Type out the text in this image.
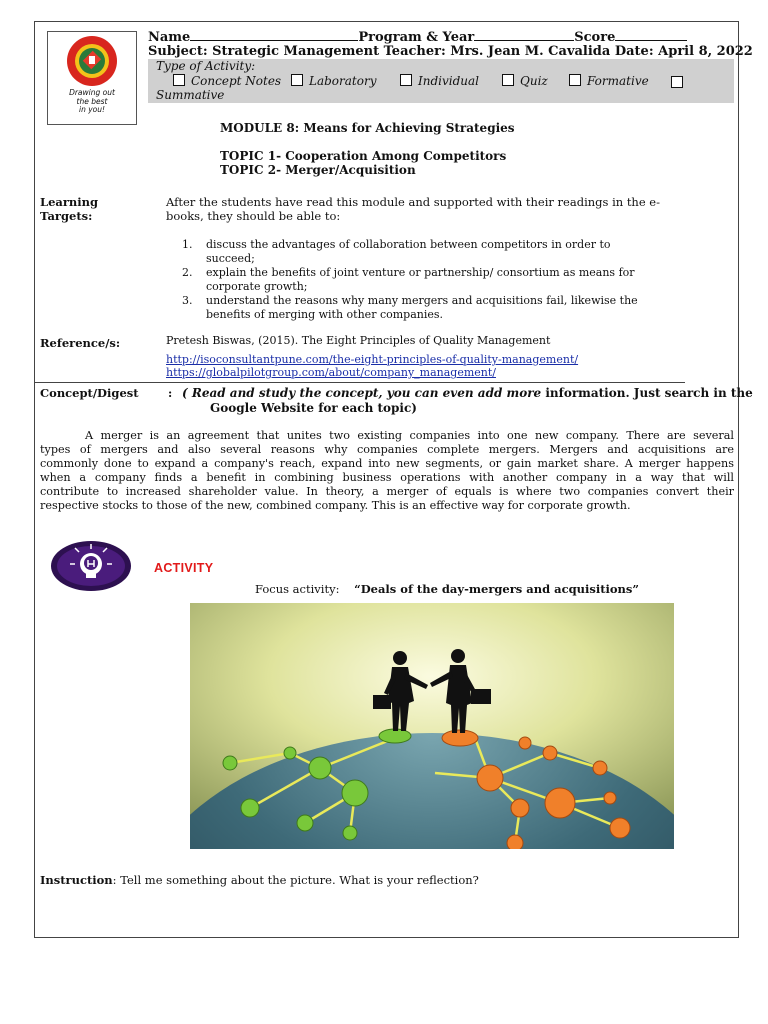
Drawing out
the best
in you!
Name	Program & Year	Score
Subject: Strategic Management Teacher: Mrs. Jean M. Cavalida Date: April 8, 2022
Type of Activity:
Concept Notes	Laboratory	Individual	Quiz	Formative
Summative
MODULE 8: Means for Achieving Strategies
TOPIC 1- Cooperation Among Competitors
TOPIC 2- Merger/Acquisition
Learning
Targets:
After the students have read this module and supported with their readings in the e-
books, they should be able to:
1. discuss the advantages of collaboration between competitors in order to
succeed;
2. explain the benefits of joint venture or partnership/ consortium as means for
corporate growth;
3. understand the reasons why many mergers and acquisitions fail, likewise the
benefits of merging with other companies.
Reference/s:	Pretesh Biswas, (2015). The Eight Principles of Quality Management
http://isoconsultantpune.com/the-eight-principles-of-quality-management/
https://globalpilotgroup.com/about/company_management/
Concept/Digest	: ( Read and study the concept, you can even add more information. Just search in the
Google Website for each topic)
A merger is an agreement that unites two existing companies into one new company. There are several
types of mergers and also several reasons why companies complete mergers. Mergers and acquisitions are
commonly done to expand a company's reach, expand into new segments, or gain market share. A merger happens
when a company finds a benefit in combining business operations with another company in a way that will
contribute to increased shareholder value. In theory, a merger of equals is where two companies convert their
respective stocks to those of the new, combined company. This is an effective way for corporate growth.
ACTIVITY
Focus activity: “Deals of the day-mergers and acquisitions”
Instruction: Tell me something about the picture. What is your reflection?
